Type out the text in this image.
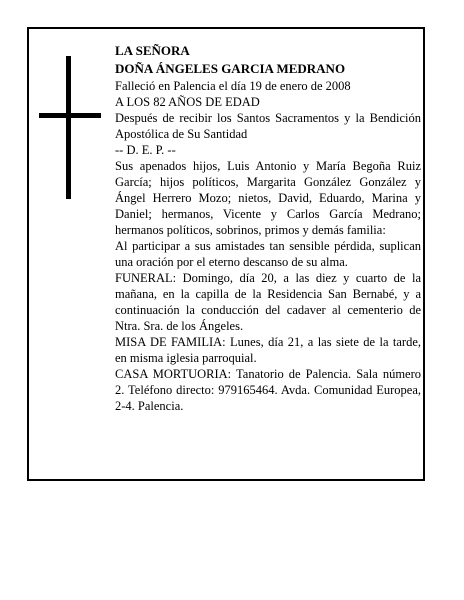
LA SEÑORA

DOÑA ÁNGELES GARCIA MEDRANO

Falleció en Palencia el día 19 de enero de 2008

A LOS 82 AÑOS DE EDAD

Después de recibir los Santos Sacramentos y la Bendición Apostólica de Su Santidad

-- D. E. P. --

Sus apenados hijos, Luis Antonio y María Begoña Ruiz García; hijos políticos, Margarita González González y Ángel Herrero Mozo; nietos, David, Eduardo, Marina y Daniel; hermanos, Vicente y Carlos García Medrano; hermanos políticos, sobrinos, primos y demás familia:

Al participar a sus amistades tan sensible pérdida, suplican una oración por el eterno descanso de su alma.

FUNERAL: Domingo, día 20, a las diez y cuarto de la mañana, en la capilla de la Residencia San Bernabé, y a continuación la conducción del cadaver al cementerio de Ntra. Sra. de los Ángeles.

MISA DE FAMILIA: Lunes, día 21, a las siete de la tarde, en misma iglesia parroquial.

CASA MORTUORIA: Tanatorio de Palencia. Sala número 2. Teléfono directo: 979165464. Avda. Comunidad Europea, 2-4. Palencia.
